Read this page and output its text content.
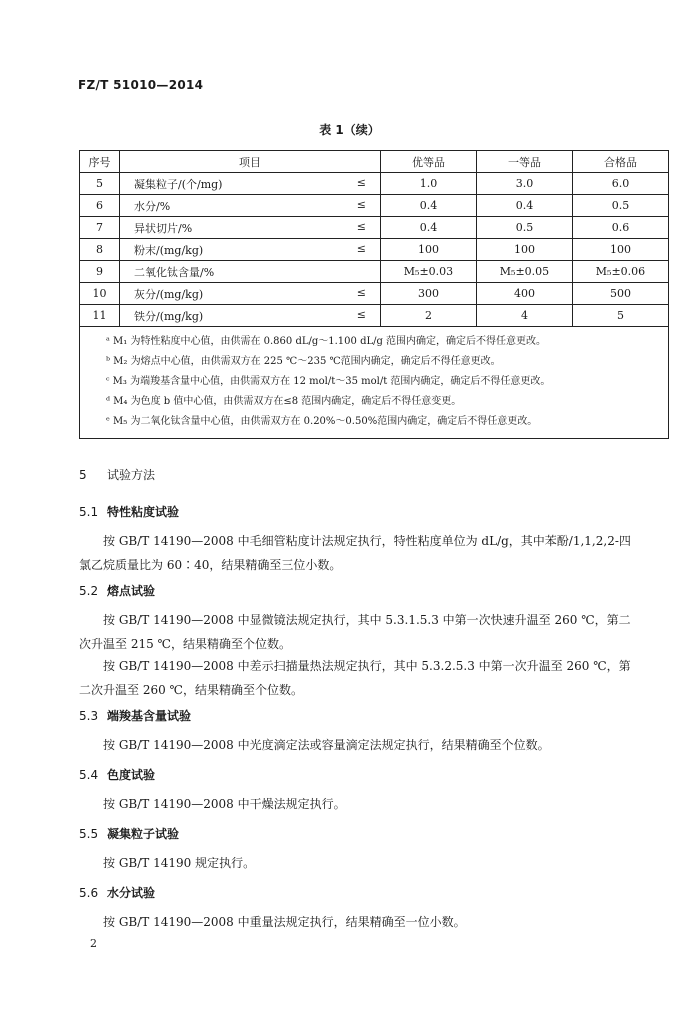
FZ/T 51010—2014
表 1（续）
序号	项目	优等品	一等品	合格品
5	凝集粒子/(个/mg) ≤	1.0	3.0	6.0
6	水分/% ≤	0.4	0.4	0.5
7	异状切片/% ≤	0.4	0.5	0.6
8	粉末/(mg/kg) ≤	100	100	100
9	二氧化钛含量/%	M₅±0.03	M₅±0.05	M₅±0.06
10	灰分/(mg/kg) ≤	300	400	500
11	铁分/(mg/kg) ≤	2	4	5

ᵃ M₁ 为特性粘度中心值，由供需在 0.860 dL/g～1.100 dL/g 范围内确定，确定后不得任意更改。
ᵇ M₂ 为熔点中心值，由供需双方在 225 ℃～235 ℃范围内确定，确定后不得任意更改。
ᶜ M₃ 为端羧基含量中心值，由供需双方在 12 mol/t～35 mol/t 范围内确定，确定后不得任意更改。
ᵈ M₄ 为色度 b 值中心值，由供需双方在≤8 范围内确定，确定后不得任意变更。
ᵉ M₅ 为二氧化钛含量中心值，由供需双方在 0.20%～0.50%范围内确定，确定后不得任意更改。				
5 试验方法
5.1 特性粘度试验
按 GB/T 14190—2008 中毛细管粘度计法规定执行，特性粘度单位为 dL/g，其中苯酚/1,1,2,2-四氯乙烷质量比为 60∶40，结果精确至三位小数。
5.2 熔点试验
按 GB/T 14190—2008 中显微镜法规定执行，其中 5.3.1.5.3 中第一次快速升温至 260 ℃，第二次升温至 215 ℃，结果精确至个位数。
按 GB/T 14190—2008 中差示扫描量热法规定执行，其中 5.3.2.5.3 中第一次升温至 260 ℃，第二次升温至 260 ℃，结果精确至个位数。
5.3 端羧基含量试验
按 GB/T 14190—2008 中光度滴定法或容量滴定法规定执行，结果精确至个位数。
5.4 色度试验
按 GB/T 14190—2008 中干燥法规定执行。
5.5 凝集粒子试验
按 GB/T 14190 规定执行。
5.6 水分试验
按 GB/T 14190—2008 中重量法规定执行，结果精确至一位小数。
2
